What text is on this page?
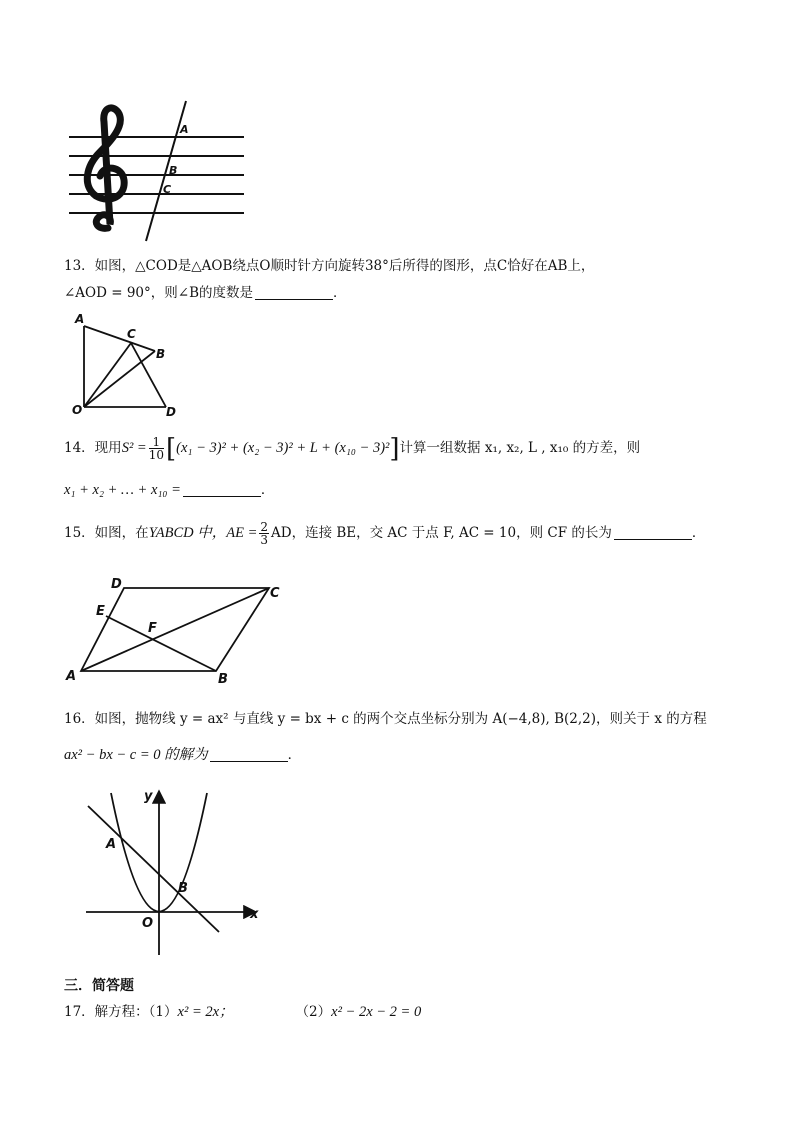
A
B
C
13．如图，△COD是△AOB绕点O顺时针方向旋转38°后所得的图形，点C恰好在AB上，
∠AOD = 90°，则∠B的度数是	．
A
C
B
O	D
14．现用$S^2 = \frac{1}{10} [(x_1 - 3)^2 + (x_2 - 3)^2 + L + (x_{10} - 3)^2]$计算一组数据 x₁, x₂, L , x₁₀ 的方差，则
x₁ + x₂ + … + x₁₀ =	．
15．如图，在YABCD 中，AE = $\frac{2}{3}$ AD，连接 BE，交 AC 于点 F, AC = 10，则 CF 的长为	．
D
C
E
F
A	B
16．如图，抛物线 y = ax² 与直线 y = bx + c 的两个交点坐标分别为 A(−4,8), B(2,2)，则关于 x 的方程
ax² − bx − c = 0 的解为	．
y
A
B
O
x
三．简答题
17．解方程：（1）x² = 2x；	（2）x² − 2x − 2 = 0
